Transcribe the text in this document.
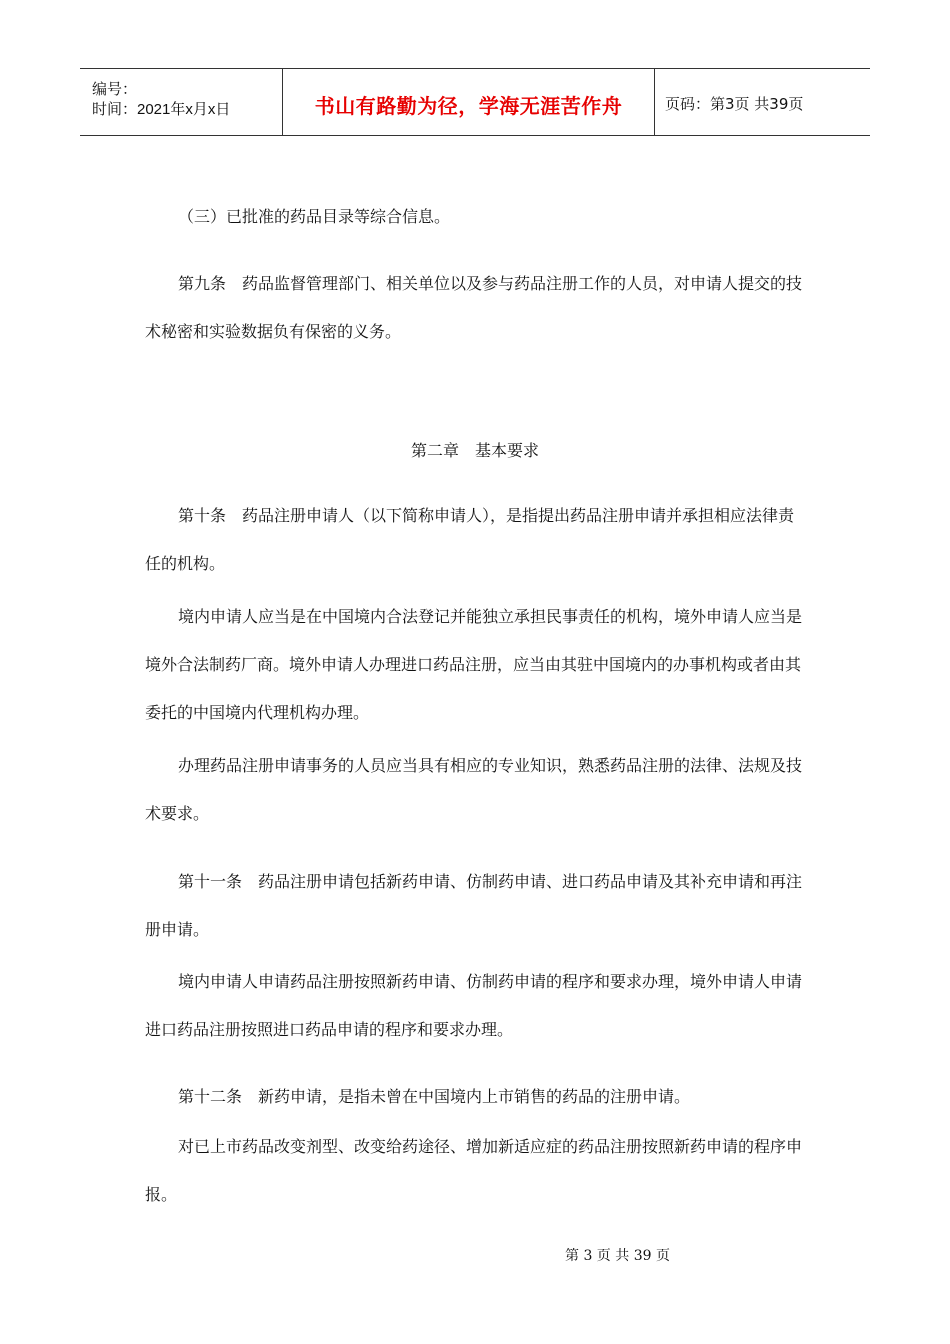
编号：
时间：2021年x月x日	书山有路勤为径，学海无涯苦作舟	页码：第3页 共39页

（三）已批准的药品目录等综合信息。

第九条　药品监督管理部门、相关单位以及参与药品注册工作的人员，对申请人提交的技术秘密和实验数据负有保密的义务。

第二章　基本要求

第十条　药品注册申请人（以下简称申请人），是指提出药品注册申请并承担相应法律责任的机构。

境内申请人应当是在中国境内合法登记并能独立承担民事责任的机构，境外申请人应当是境外合法制药厂商。境外申请人办理进口药品注册，应当由其驻中国境内的办事机构或者由其委托的中国境内代理机构办理。

办理药品注册申请事务的人员应当具有相应的专业知识，熟悉药品注册的法律、法规及技术要求。

第十一条　药品注册申请包括新药申请、仿制药申请、进口药品申请及其补充申请和再注册申请。

境内申请人申请药品注册按照新药申请、仿制药申请的程序和要求办理，境外申请人申请进口药品注册按照进口药品申请的程序和要求办理。

第十二条　新药申请，是指未曾在中国境内上市销售的药品的注册申请。

对已上市药品改变剂型、改变给药途径、增加新适应症的药品注册按照新药申请的程序申报。

第 3 页 共 39 页
